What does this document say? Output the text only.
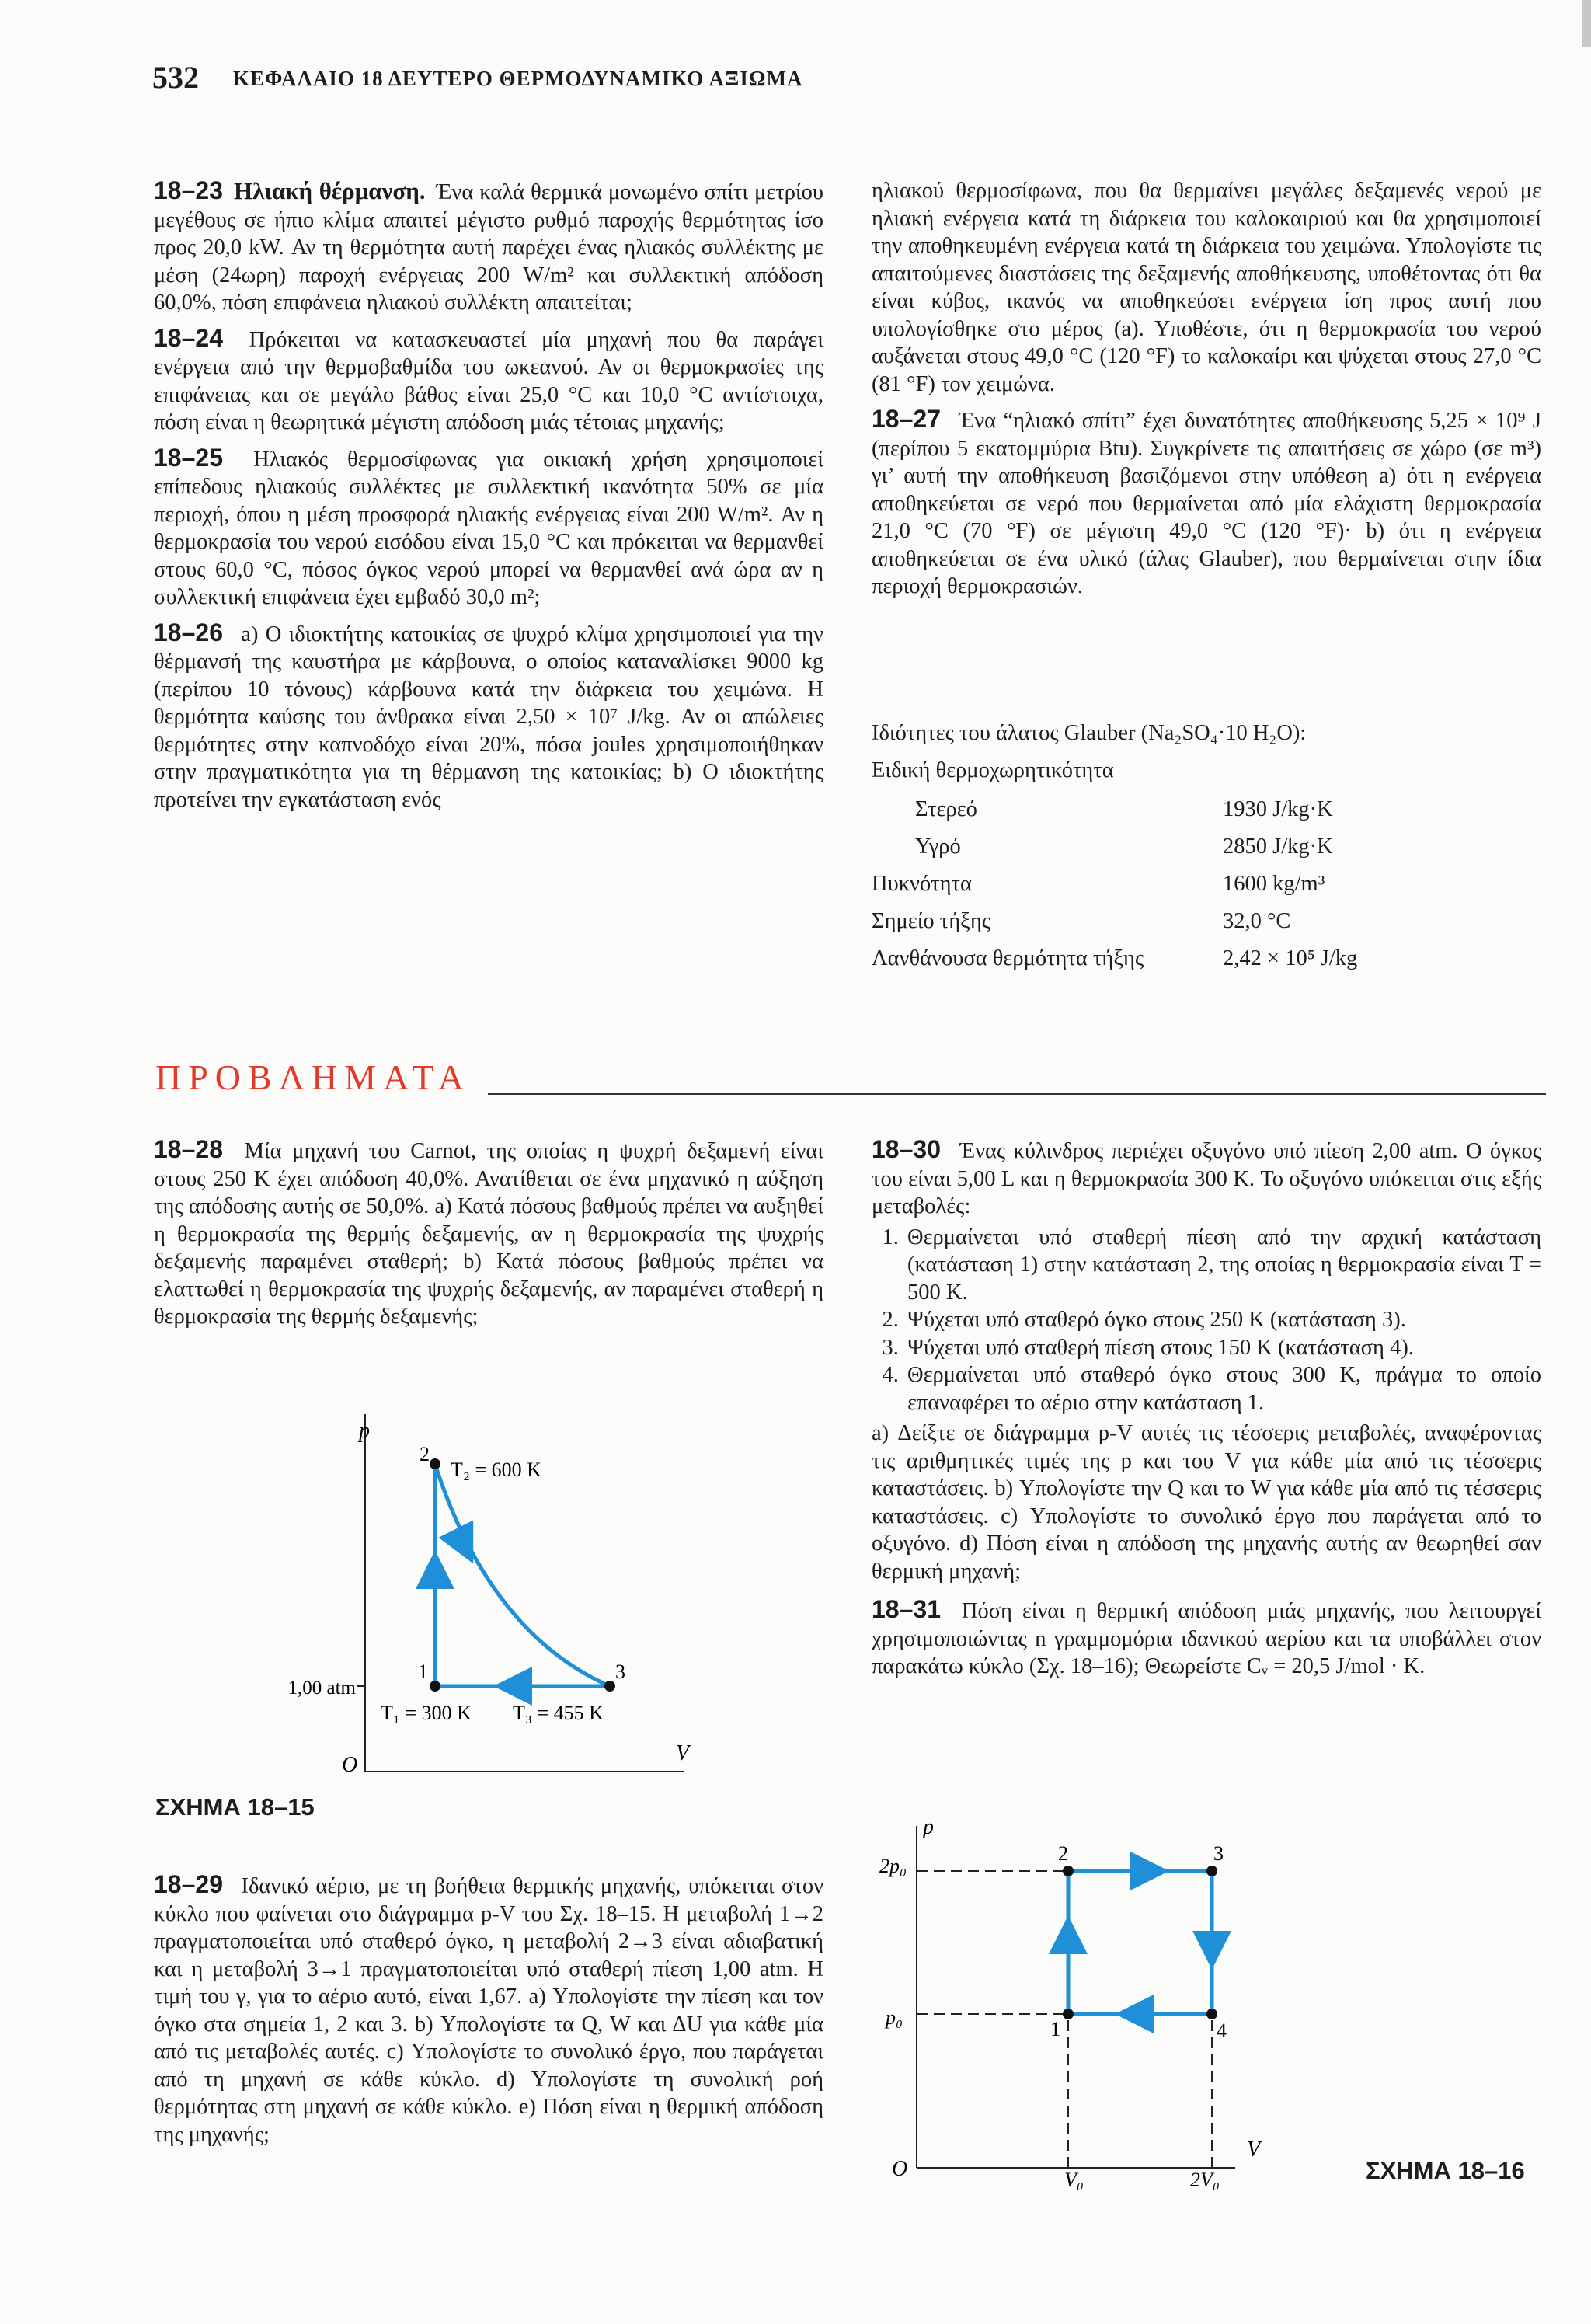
532 ΚΕΦΑΛΑΙΟ 18 ΔΕΥΤΕΡΟ ΘΕΡΜΟΔΥΝΑΜΙΚΟ ΑΞΙΩΜΑ

18–23 Ηλιακή θέρμανση. Ένα καλά θερμικά μονωμένο σπίτι μετρίου μεγέθους σε ήπιο κλίμα απαιτεί μέγιστο ρυθμό παροχής θερμότητας ίσο προς 20,0 kW. Αν τη θερμότητα αυτή παρέχει ένας ηλιακός συλλέκτης με μέση (24ωρη) παροχή ενέργειας 200 W/m² και συλλεκτική απόδοση 60,0%, πόση επιφάνεια ηλιακού συλλέκτη απαιτείται;

18–24 Πρόκειται να κατασκευαστεί μία μηχανή που θα παράγει ενέργεια από την θερμοβαθμίδα του ωκεανού. Αν οι θερμοκρασίες της επιφάνειας και σε μεγάλο βάθος είναι 25,0 °C και 10,0 °C αντίστοιχα, πόση είναι η θεωρητικά μέγιστη απόδοση μιάς τέτοιας μηχανής;

18–25 Ηλιακός θερμοσίφωνας για οικιακή χρήση χρησιμοποιεί επίπεδους ηλιακούς συλλέκτες με συλλεκτική ικανότητα 50% σε μία περιοχή, όπου η μέση προσφορά ηλιακής ενέργειας είναι 200 W/m². Αν η θερμοκρασία του νερού εισόδου είναι 15,0 °C και πρόκειται να θερμανθεί στους 60,0 °C, πόσος όγκος νερού μπορεί να θερμανθεί ανά ώρα αν η συλλεκτική επιφάνεια έχει εμβαδό 30,0 m²;

18–26 a) Ο ιδιοκτήτης κατοικίας σε ψυχρό κλίμα χρησιμοποιεί για την θέρμανσή της καυστήρα με κάρβουνα, ο οποίος καταναλίσκει 9000 kg (περίπου 10 τόνους) κάρβουνα κατά την διάρκεια του χειμώνα. Η θερμότητα καύσης του άνθρακα είναι 2,50 × 10⁷ J/kg. Αν οι απώλειες θερμότητες στην καπνοδόχο είναι 20%, πόσα joules χρησιμοποιήθηκαν στην πραγματικότητα για τη θέρμανση της κατοικίας; b) Ο ιδιοκτήτης προτείνει την εγκατάσταση ενός

ηλιακού θερμοσίφωνα, που θα θερμαίνει μεγάλες δεξαμενές νερού με ηλιακή ενέργεια κατά τη διάρκεια του καλοκαιριού και θα χρησιμοποιεί την αποθηκευμένη ενέργεια κατά τη διάρκεια του χειμώνα. Υπολογίστε τις απαιτούμενες διαστάσεις της δεξαμενής αποθήκευσης, υποθέτοντας ότι θα είναι κύβος, ικανός να αποθηκεύσει ενέργεια ίση προς αυτή που υπολογίσθηκε στο μέρος (a). Υποθέστε, ότι η θερμοκρασία του νερού αυξάνεται στους 49,0 °C (120 °F) το καλοκαίρι και ψύχεται στους 27,0 °C (81 °F) τον χειμώνα.

18–27 Ένα “ηλιακό σπίτι” έχει δυνατότητες αποθήκευσης 5,25 × 10⁹ J (περίπου 5 εκατομμύρια Btu). Συγκρίνετε τις απαιτήσεις σε χώρο (σε m³) γι’ αυτή την αποθήκευση βασιζόμενοι στην υπόθεση a) ότι η ενέργεια αποθηκεύεται σε νερό που θερμαίνεται από μία ελάχιστη θερμοκρασία 21,0 °C (70 °F) σε μέγιστη 49,0 °C (120 °F)· b) ότι η ενέργεια αποθηκεύεται σε ένα υλικό (άλας Glauber), που θερμαίνεται στην ίδια περιοχή θερμοκρασιών.

Ιδιότητες του άλατος Glauber (Na₂SO₄·10 H₂O):
Ειδική θερμοχωρητικότητα
Στερεό	1930 J/kg·K
Υγρό	2850 J/kg·K
Πυκνότητα	1600 kg/m³
Σημείο τήξης	32,0 °C
Λανθάνουσα θερμότητα τήξης	2,42 × 10⁵ J/kg
ΠΡΟΒΛΗΜΑΤΑ

18–28 Μία μηχανή του Carnot, της οποίας η ψυχρή δεξαμενή είναι στους 250 K έχει απόδοση 40,0%. Ανατίθεται σε ένα μηχανικό η αύξηση της απόδοσης αυτής σε 50,0%. a) Κατά πόσους βαθμούς πρέπει να αυξηθεί η θερμοκρασία της θερμής δεξαμενής, αν η θερμοκρασία της ψυχρής δεξαμενής παραμένει σταθερή; b) Κατά πόσους βαθμούς πρέπει να ελαττωθεί η θερμοκρασία της ψυχρής δεξαμενής, αν παραμένει σταθερή η θερμοκρασία της θερμής δεξαμενής;

p
V
O
1,00 atm
2
1	3
T₂ = 600 K
T₁ = 300 K T₃ = 455 K
ΣΧΗΜΑ 18–15

18–29 Ιδανικό αέριο, με τη βοήθεια θερμικής μηχανής, υπόκειται στον κύκλο που φαίνεται στο διάγραμμα p-V του Σχ. 18–15. Η μεταβολή 1→2 πραγματοποιείται υπό σταθερό όγκο, η μεταβολή 2→3 είναι αδιαβατική και η μεταβολή 3→1 πραγματοποιείται υπό σταθερή πίεση 1,00 atm. Η τιμή του γ, για το αέριο αυτό, είναι 1,67. a) Υπολογίστε την πίεση και τον όγκο στα σημεία 1, 2 και 3. b) Υπολογίστε τα Q, W και ΔU για κάθε μία από τις μεταβολές αυτές. c) Υπολογίστε το συνολικό έργο, που παράγεται από τη μηχανή σε κάθε κύκλο. d) Υπολογίστε τη συνολική ροή θερμότητας στη μηχανή σε κάθε κύκλο. e) Πόση είναι η θερμική απόδοση της μηχανής;

18–30 Ένας κύλινδρος περιέχει οξυγόνο υπό πίεση 2,00 atm. Ο όγκος του είναι 5,00 L και η θερμοκρασία 300 K. Το οξυγόνο υπόκειται στις εξής μεταβολές:

1. Θερμαίνεται υπό σταθερή πίεση από την αρχική κατάσταση (κατάσταση 1) στην κατάσταση 2, της οποίας η θερμοκρασία είναι T = 500 K.
2. Ψύχεται υπό σταθερό όγκο στους 250 K (κατάσταση 3).
3. Ψύχεται υπό σταθερή πίεση στους 150 K (κατάσταση 4).
4. Θερμαίνεται υπό σταθερό όγκο στους 300 K, πράγμα το οποίο επαναφέρει το αέριο στην κατάσταση 1.

a) Δείξτε σε διάγραμμα p-V αυτές τις τέσσερις μεταβολές, αναφέροντας τις αριθμητικές τιμές της p και του V για κάθε μία από τις τέσσερις καταστάσεις. b) Υπολογίστε την Q και το W για κάθε μία από τις τέσσερις καταστάσεις. c) Υπολογίστε το συνολικό έργο που παράγεται από το οξυγόνο. d) Πόση είναι η απόδοση της μηχανής αυτής αν θεωρηθεί σαν θερμική μηχανή;

18–31 Πόση είναι η θερμική απόδοση μιάς μηχανής, που λειτουργεί χρησιμοποιώντας n γραμμομόρια ιδανικού αερίου και τα υποβάλλει στον παρακάτω κύκλο (Σχ. 18–16); Θεωρείστε Cᵥ = 20,5 J/mol · K.

p
V
O
2p₀
p₀
V₀	2V₀
1
2	3
4
ΣΧΗΜΑ 18–16
